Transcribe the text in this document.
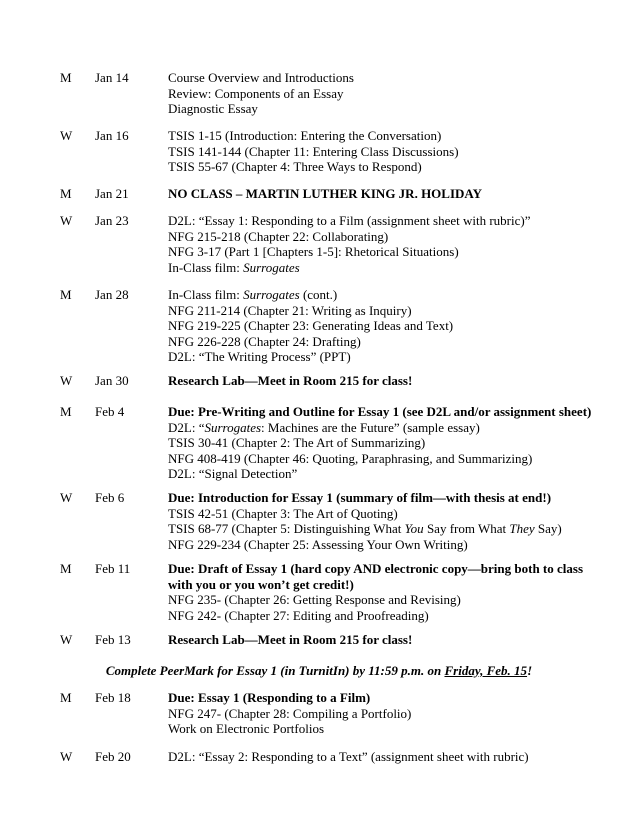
M Jan 14	Course Overview and Introductions
Review: Components of an Essay
Diagnostic Essay
W Jan 16	TSIS 1-15 (Introduction: Entering the Conversation)
TSIS 141-144 (Chapter 11: Entering Class Discussions)
TSIS 55-67 (Chapter 4: Three Ways to Respond)
M Jan 21	NO CLASS – MARTIN LUTHER KING JR. HOLIDAY
W Jan 23	D2L: “Essay 1: Responding to a Film (assignment sheet with rubric)”
NFG 215-218 (Chapter 22: Collaborating)
NFG 3-17 (Part 1 [Chapters 1-5]: Rhetorical Situations)
In-Class film: Surrogates
M Jan 28	In-Class film: Surrogates (cont.)
NFG 211-214 (Chapter 21: Writing as Inquiry)
NFG 219-225 (Chapter 23: Generating Ideas and Text)
NFG 226-228 (Chapter 24: Drafting)
D2L: “The Writing Process” (PPT)
W Jan 30	Research Lab—Meet in Room 215 for class!
M Feb 4	Due: Pre-Writing and Outline for Essay 1 (see D2L and/or assignment sheet)
D2L: “Surrogates: Machines are the Future” (sample essay)
TSIS 30-41 (Chapter 2: The Art of Summarizing)
NFG 408-419 (Chapter 46: Quoting, Paraphrasing, and Summarizing)
D2L: “Signal Detection”
W Feb 6	Due: Introduction for Essay 1 (summary of film—with thesis at end!)
TSIS 42-51 (Chapter 3: The Art of Quoting)
TSIS 68-77 (Chapter 5: Distinguishing What You Say from What They Say)
NFG 229-234 (Chapter 25: Assessing Your Own Writing)
M Feb 11	Due: Draft of Essay 1 (hard copy AND electronic copy—bring both to class
with you or you won’t get credit!)
NFG 235- (Chapter 26: Getting Response and Revising)
NFG 242- (Chapter 27: Editing and Proofreading)
W Feb 13	Research Lab—Meet in Room 215 for class!
Complete PeerMark for Essay 1 (in TurnitIn) by 11:59 p.m. on Friday, Feb. 15!
M Feb 18	Due: Essay 1 (Responding to a Film)
NFG 247- (Chapter 28: Compiling a Portfolio)
Work on Electronic Portfolios
W Feb 20	D2L: “Essay 2: Responding to a Text” (assignment sheet with rubric)
